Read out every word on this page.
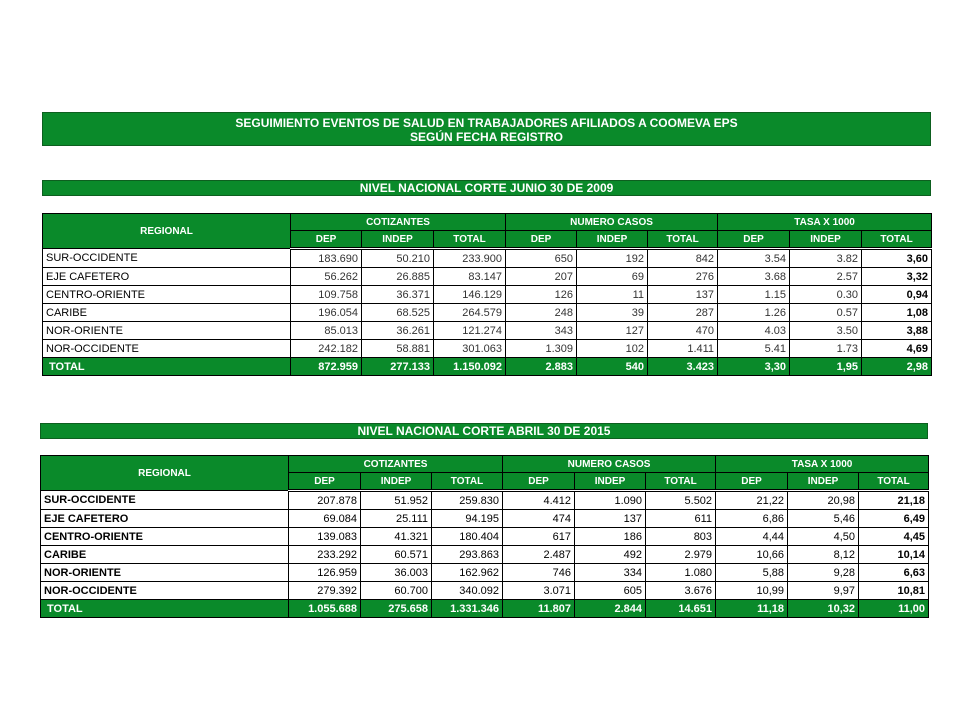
SEGUIMIENTO EVENTOS DE SALUD EN TRABAJADORES AFILIADOS A COOMEVA EPS
SEGÚN FECHA REGISTRO
NIVEL NACIONAL CORTE JUNIO 30 DE 2009
REGIONAL	COTIZANTES			NUMERO CASOS			TASA X 1000		
	DEP	INDEP	TOTAL	DEP	INDEP	TOTAL	DEP	INDEP	TOTAL
SUR-OCCIDENTE	183.690	50.210	233.900	650	192	842	3.54	3.82	3,60
EJE CAFETERO	56.262	26.885	83.147	207	69	276	3.68	2.57	3,32
CENTRO-ORIENTE	109.758	36.371	146.129	126	11	137	1.15	0.30	0,94
CARIBE	196.054	68.525	264.579	248	39	287	1.26	0.57	1,08
NOR-ORIENTE	85.013	36.261	121.274	343	127	470	4.03	3.50	3,88
NOR-OCCIDENTE	242.182	58.881	301.063	1.309	102	1.411	5.41	1.73	4,69
TOTAL	872.959	277.133	1.150.092	2.883	540	3.423	3,30	1,95	2,98
NIVEL NACIONAL CORTE ABRIL 30 DE 2015
REGIONAL	COTIZANTES			NUMERO CASOS			TASA X 1000		
	DEP	INDEP	TOTAL	DEP	INDEP	TOTAL	DEP	INDEP	TOTAL
SUR-OCCIDENTE	207.878	51.952	259.830	4.412	1.090	5.502	21,22	20,98	21,18
EJE CAFETERO	69.084	25.111	94.195	474	137	611	6,86	5,46	6,49
CENTRO-ORIENTE	139.083	41.321	180.404	617	186	803	4,44	4,50	4,45
CARIBE	233.292	60.571	293.863	2.487	492	2.979	10,66	8,12	10,14
NOR-ORIENTE	126.959	36.003	162.962	746	334	1.080	5,88	9,28	6,63
NOR-OCCIDENTE	279.392	60.700	340.092	3.071	605	3.676	10,99	9,97	10,81
TOTAL	1.055.688	275.658	1.331.346	11.807	2.844	14.651	11,18	10,32	11,00
